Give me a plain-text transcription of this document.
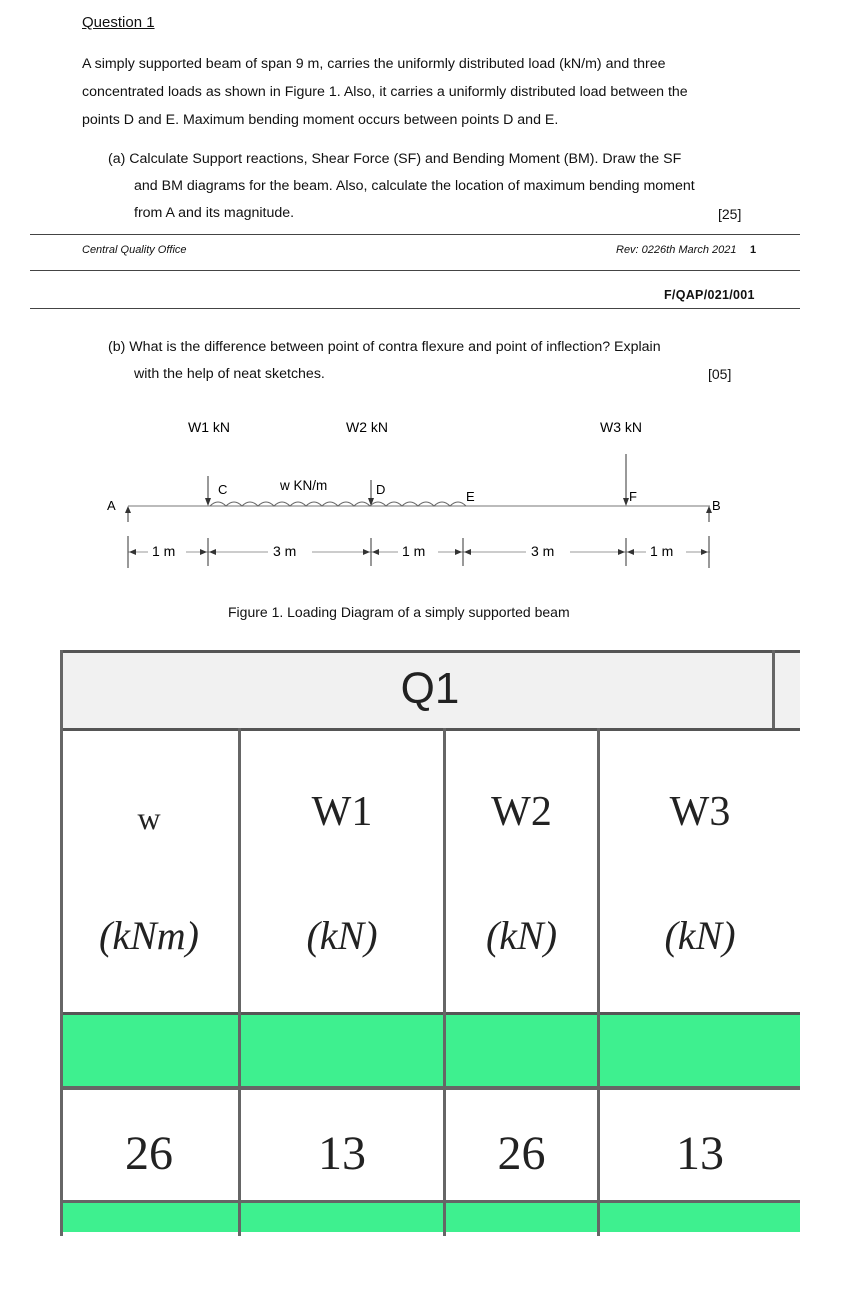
Question 1
A simply supported beam of span 9 m, carries the uniformly distributed load (kN/m) and three
concentrated loads as shown in Figure 1. Also, it carries a uniformly distributed load between the
points D and E. Maximum bending moment occurs between points D and E.
(a) Calculate Support reactions, Shear Force (SF) and Bending Moment (BM). Draw the SF
and BM diagrams for the beam. Also, calculate the location of maximum bending moment
from A and its magnitude.	[25]
Central Quality Office	Rev: 0226th March 2021 1
F/QAP/021/001
(b) What is the difference between point of contra flexure and point of inflection? Explain
with the help of neat sketches.	[05]
W1 kN	W2 kN	W3 kN
w KN/m
A
C	D	E	F
B
1 m	3 m	1 m	3 m	1 m
Figure 1. Loading Diagram of a simply supported beam
Q1
w	W1	W2	W3
(kNm)	(kN)	(kN)	(kN)
26	13	26	13
